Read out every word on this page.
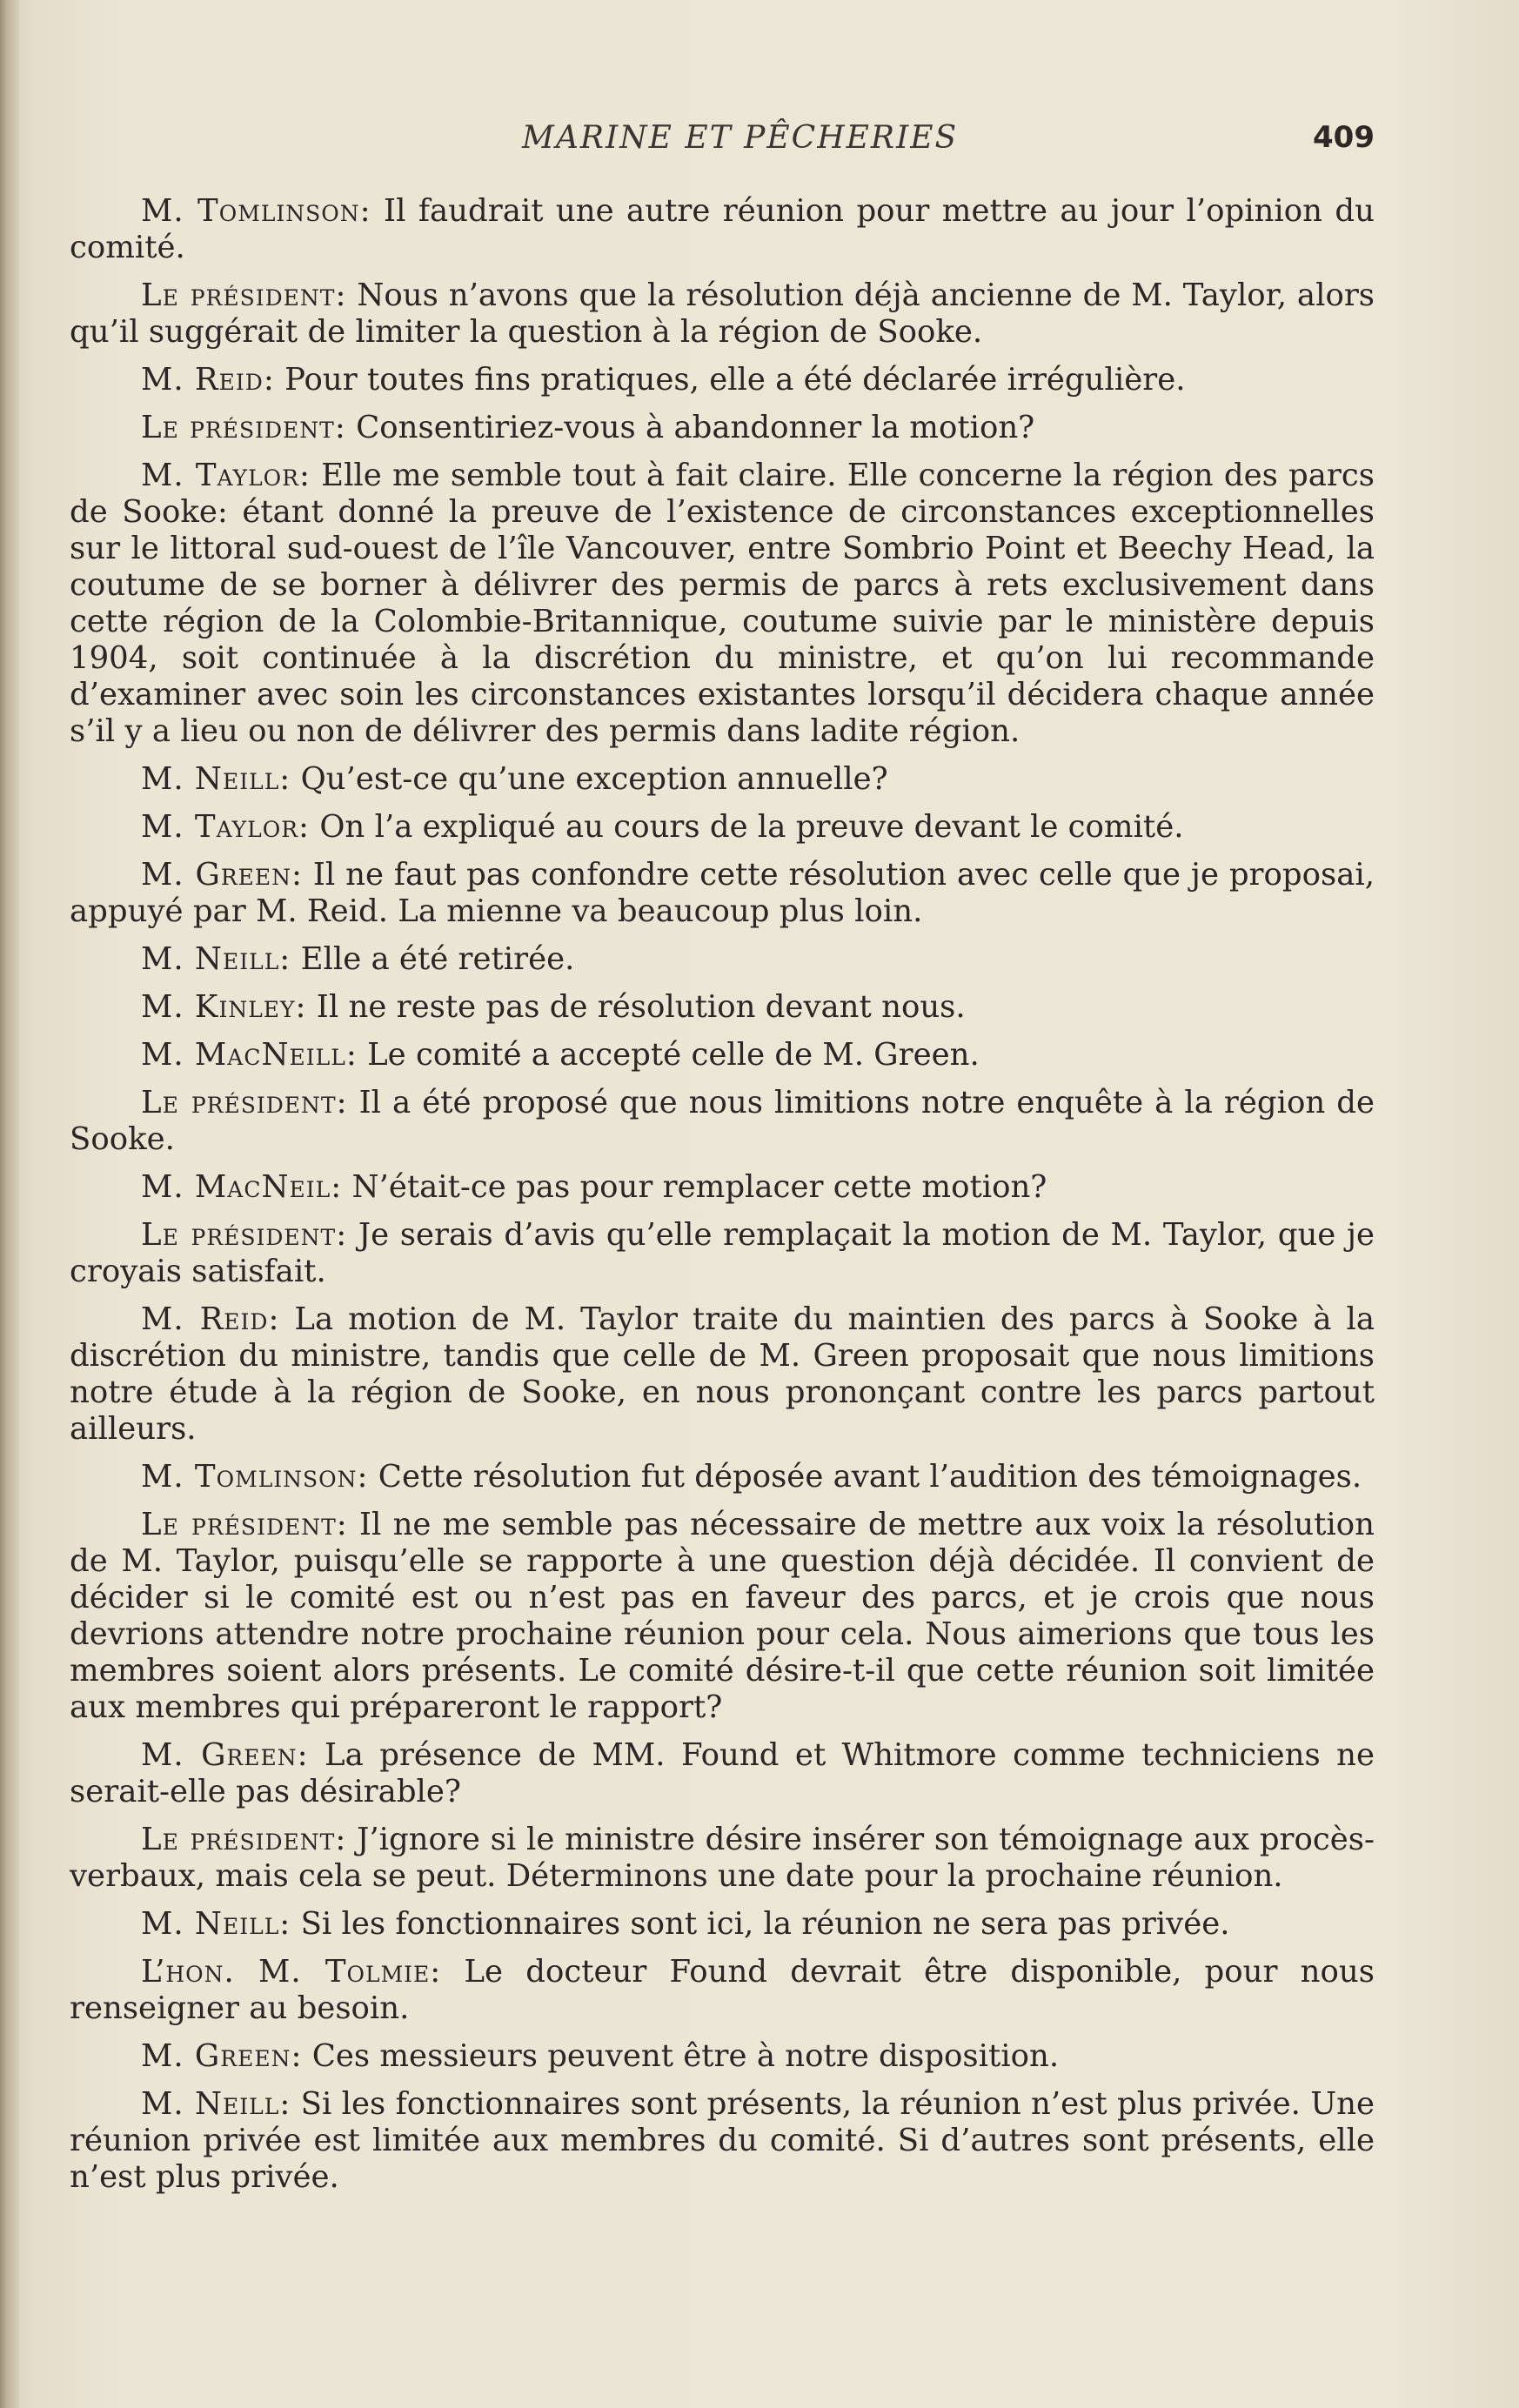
MARINE ET PÊCHERIES	409

M. Tomlinson: Il faudrait une autre réunion pour mettre au jour l’opinion du comité.

Le président: Nous n’avons que la résolution déjà ancienne de M. Taylor, alors qu’il suggérait de limiter la question à la région de Sooke.

M. Reid: Pour toutes fins pratiques, elle a été déclarée irrégulière.

Le président: Consentiriez-vous à abandonner la motion?

M. Taylor: Elle me semble tout à fait claire. Elle concerne la région des parcs de Sooke: étant donné la preuve de l’existence de circonstances exceptionnelles sur le littoral sud-ouest de l’île Vancouver, entre Sombrio Point et Beechy Head, la coutume de se borner à délivrer des permis de parcs à rets exclusivement dans cette région de la Colombie-Britannique, coutume suivie par le ministère depuis 1904, soit continuée à la discrétion du ministre, et qu’on lui recommande d’examiner avec soin les circonstances existantes lorsqu’il décidera chaque année s’il y a lieu ou non de délivrer des permis dans ladite région.

M. Neill: Qu’est-ce qu’une exception annuelle?

M. Taylor: On l’a expliqué au cours de la preuve devant le comité.

M. Green: Il ne faut pas confondre cette résolution avec celle que je proposai, appuyé par M. Reid. La mienne va beaucoup plus loin.

M. Neill: Elle a été retirée.

M. Kinley: Il ne reste pas de résolution devant nous.

M. MacNeill: Le comité a accepté celle de M. Green.

Le président: Il a été proposé que nous limitions notre enquête à la région de Sooke.

M. MacNeil: N’était-ce pas pour remplacer cette motion?

Le président: Je serais d’avis qu’elle remplaçait la motion de M. Taylor, que je croyais satisfait.

M. Reid: La motion de M. Taylor traite du maintien des parcs à Sooke à la discrétion du ministre, tandis que celle de M. Green proposait que nous limitions notre étude à la région de Sooke, en nous prononçant contre les parcs partout ailleurs.

M. Tomlinson: Cette résolution fut déposée avant l’audition des témoignages.

Le président: Il ne me semble pas nécessaire de mettre aux voix la résolution de M. Taylor, puisqu’elle se rapporte à une question déjà décidée. Il convient de décider si le comité est ou n’est pas en faveur des parcs, et je crois que nous devrions attendre notre prochaine réunion pour cela. Nous aimerions que tous les membres soient alors présents. Le comité désire-t-il que cette réunion soit limitée aux membres qui prépareront le rapport?

M. Green: La présence de MM. Found et Whitmore comme techniciens ne serait-elle pas désirable?

Le président: J’ignore si le ministre désire insérer son témoignage aux procès-verbaux, mais cela se peut. Déterminons une date pour la prochaine réunion.

M. Neill: Si les fonctionnaires sont ici, la réunion ne sera pas privée.

L’hon. M. Tolmie: Le docteur Found devrait être disponible, pour nous renseigner au besoin.

M. Green: Ces messieurs peuvent être à notre disposition.

M. Neill: Si les fonctionnaires sont présents, la réunion n’est plus privée. Une réunion privée est limitée aux membres du comité. Si d’autres sont présents, elle n’est plus privée.
